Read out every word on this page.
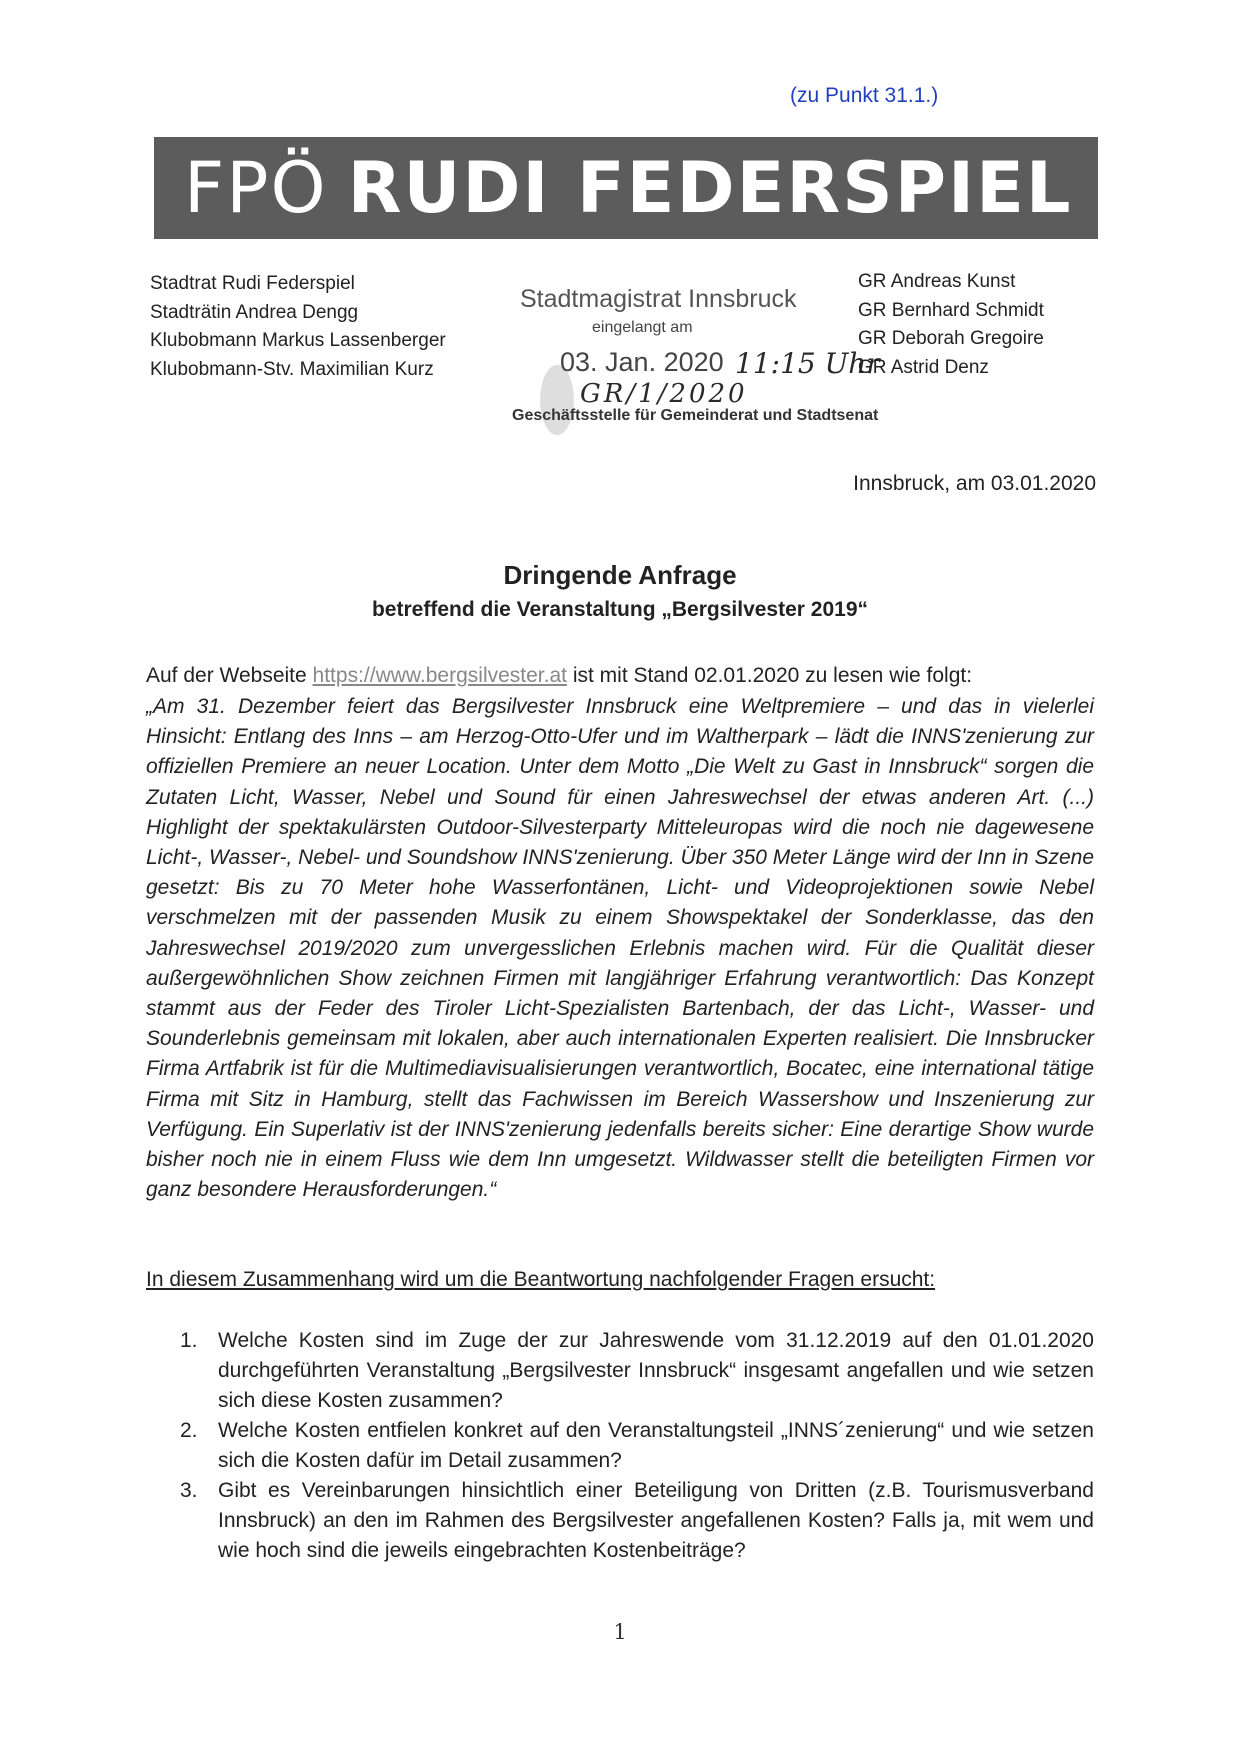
(zu Punkt 31.1.)
FPÖ RUDI FEDERSPIEL
Stadtrat Rudi Federspiel
Stadträtin Andrea Dengg
Klubobmann Markus Lassenberger
Klubobmann-Stv. Maximilian Kurz
Stadtmagistrat Innsbruck
eingelangt am
03. Jan. 2020 11:15 Uhr
GR/1/2020
Geschäftsstelle für Gemeinderat und Stadtsenat
GR Andreas Kunst
GR Bernhard Schmidt
GR Deborah Gregoire
GR Astrid Denz
Innsbruck, am 03.01.2020
Dringende Anfrage
betreffend die Veranstaltung „Bergsilvester 2019“
Auf der Webseite https://www.bergsilvester.at ist mit Stand 02.01.2020 zu lesen wie folgt:
„Am 31. Dezember feiert das Bergsilvester Innsbruck eine Weltpremiere – und das in vielerlei Hinsicht: Entlang des Inns – am Herzog-Otto-Ufer und im Waltherpark – lädt die INNS'zenierung zur offiziellen Premiere an neuer Location. Unter dem Motto „Die Welt zu Gast in Innsbruck“ sorgen die Zutaten Licht, Wasser, Nebel und Sound für einen Jahreswechsel der etwas anderen Art. (...) Highlight der spektakulärsten Outdoor-Silvesterparty Mitteleuropas wird die noch nie dagewesene Licht-, Wasser-, Nebel- und Soundshow INNS'zenierung. Über 350 Meter Länge wird der Inn in Szene gesetzt: Bis zu 70 Meter hohe Wasserfontänen, Licht- und Videoprojektionen sowie Nebel verschmelzen mit der passenden Musik zu einem Showspektakel der Sonderklasse, das den Jahreswechsel 2019/2020 zum unvergesslichen Erlebnis machen wird. Für die Qualität dieser außergewöhnlichen Show zeichnen Firmen mit langjähriger Erfahrung verantwortlich: Das Konzept stammt aus der Feder des Tiroler Licht-Spezialisten Bartenbach, der das Licht-, Wasser- und Sounderlebnis gemeinsam mit lokalen, aber auch internationalen Experten realisiert. Die Innsbrucker Firma Artfabrik ist für die Multimediavisualisierungen verantwortlich, Bocatec, eine international tätige Firma mit Sitz in Hamburg, stellt das Fachwissen im Bereich Wassershow und Inszenierung zur Verfügung. Ein Superlativ ist der INNS'zenierung jedenfalls bereits sicher: Eine derartige Show wurde bisher noch nie in einem Fluss wie dem Inn umgesetzt. Wildwasser stellt die beteiligten Firmen vor ganz besondere Herausforderungen.“
In diesem Zusammenhang wird um die Beantwortung nachfolgender Fragen ersucht:
1. Welche Kosten sind im Zuge der zur Jahreswende vom 31.12.2019 auf den 01.01.2020 durchgeführten Veranstaltung „Bergsilvester Innsbruck“ insgesamt angefallen und wie setzen sich diese Kosten zusammen?
2. Welche Kosten entfielen konkret auf den Veranstaltungsteil „INNS´zenierung“ und wie setzen sich die Kosten dafür im Detail zusammen?
3. Gibt es Vereinbarungen hinsichtlich einer Beteiligung von Dritten (z.B. Tourismusverband Innsbruck) an den im Rahmen des Bergsilvester angefallenen Kosten? Falls ja, mit wem und wie hoch sind die jeweils eingebrachten Kostenbeiträge?
1
